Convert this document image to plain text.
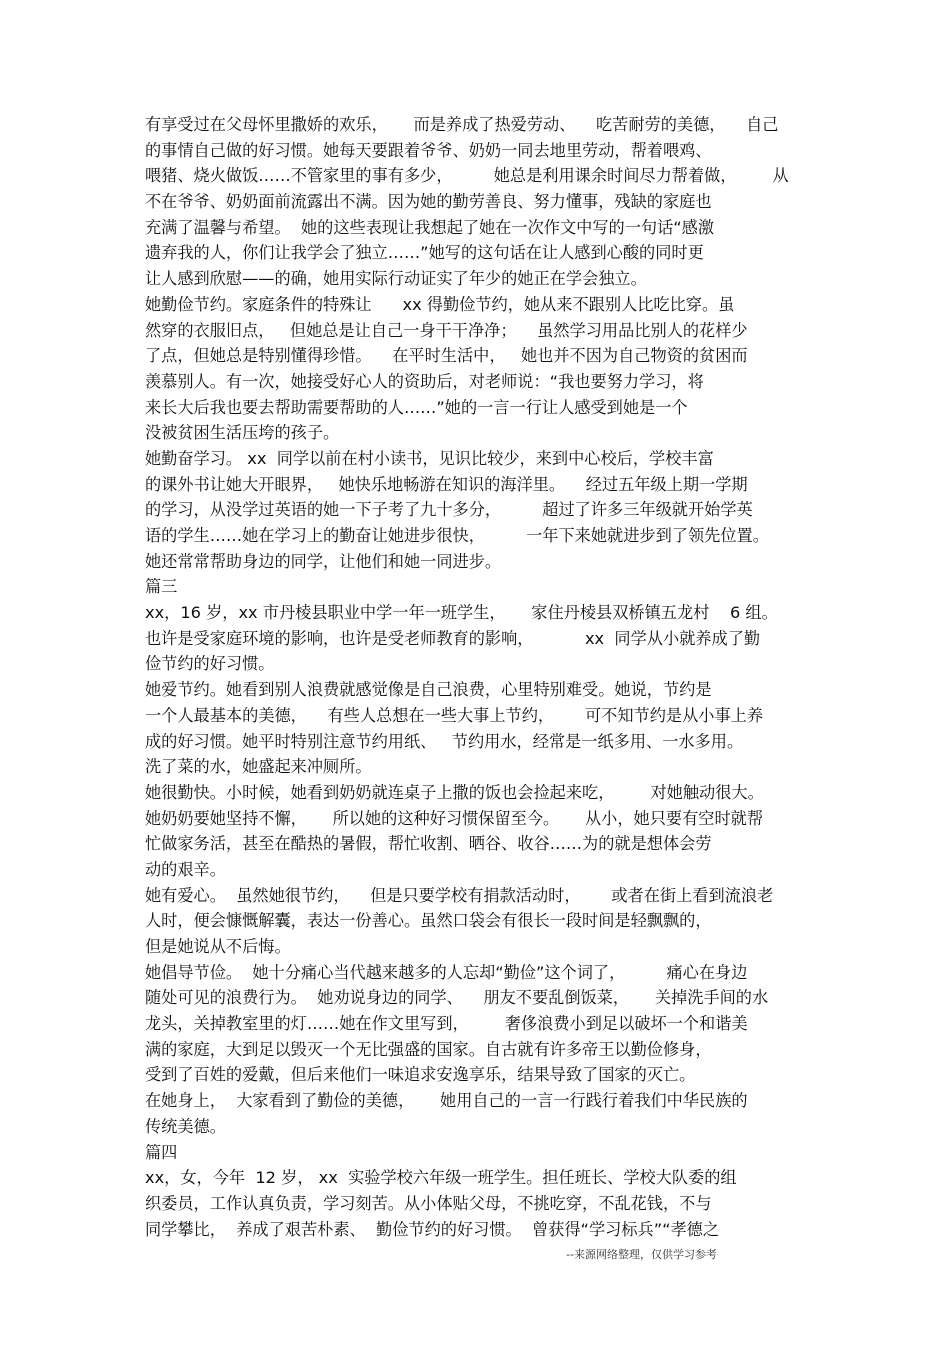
有享受过在父母怀里撒娇的欢乐，     而是养成了热爱劳动、    吃苦耐劳的美德，    自己
的事情自己做的好习惯。她每天要跟着爷爷、奶奶一同去地里劳动，帮着喂鸡、
喂猪、烧火做饭……不管家里的事有多少，        她总是利用课余时间尽力帮着做，       从
不在爷爷、奶奶面前流露出不满。因为她的勤劳善良、努力懂事，残缺的家庭也
充满了温馨与希望。  她的这些表现让我想起了她在一次作文中写的一句话“感激
遗弃我的人，你们让我学会了独立……”她写的这句话在让人感到心酸的同时更
让人感到欣慰——的确，她用实际行动证实了年少的她正在学会独立。
她勤俭节约。家庭条件的特殊让      xx 得勤俭节约，她从来不跟别人比吃比穿。虽
然穿的衣服旧点，   但她总是让自己一身干干净净；    虽然学习用品比别人的花样少
了点，但她总是特别懂得珍惜。    在平时生活中，   她也并不因为自己物资的贫困而
羡慕别人。有一次，她接受好心人的资助后，对老师说：“我也要努力学习，将
来长大后我也要去帮助需要帮助的人……”她的一言一行让人感受到她是一个
没被贫困生活压垮的孩子。
她勤奋学习。 xx  同学以前在村小读书，见识比较少，来到中心校后，学校丰富
的课外书让她大开眼界，   她快乐地畅游在知识的海洋里。    经过五年级上期一学期
的学习，从没学过英语的她一下子考了九十多分，        超过了许多三年级就开始学英
语的学生……她在学习上的勤奋让她进步很快，        一年下来她就进步到了领先位置。
她还常常帮助身边的同学，让他们和她一同进步。
篇三
xx，16 岁，xx 市丹棱县职业中学一年一班学生，     家住丹棱县双桥镇五龙村    6 组。
也许是受家庭环境的影响，也许是受老师教育的影响，          xx  同学从小就养成了勤
俭节约的好习惯。
她爱节约。她看到别人浪费就感觉像是自己浪费，心里特别难受。她说，节约是
一个人最基本的美德，    有些人总想在一些大事上节约，      可不知节约是从小事上养
成的好习惯。她平时特别注意节约用纸、   节约用水，经常是一纸多用、一水多用。
洗了菜的水，她盛起来冲厕所。
她很勤快。小时候，她看到奶奶就连桌子上撒的饭也会捡起来吃，       对她触动很大。
她奶奶要她坚持不懈，     所以她的这种好习惯保留至今。     从小，她只要有空时就帮
忙做家务活，甚至在酷热的暑假，帮忙收割、晒谷、收谷……为的就是想体会劳
动的艰辛。
她有爱心。  虽然她很节约，    但是只要学校有捐款活动时，      或者在街上看到流浪老
人时，便会慷慨解囊，表达一份善心。虽然口袋会有很长一段时间是轻飘飘的，
但是她说从不后悔。
她倡导节俭。  她十分痛心当代越来越多的人忘却“勤俭”这个词了，        痛心在身边
随处可见的浪费行为。  她劝说身边的同学、    朋友不要乱倒饭菜，     关掉洗手间的水
龙头，关掉教室里的灯……她在作文里写到，       奢侈浪费小到足以破坏一个和谐美
满的家庭，大到足以毁灭一个无比强盛的国家。自古就有许多帝王以勤俭修身，
受到了百姓的爱戴，但后来他们一味追求安逸享乐，结果导致了国家的灭亡。
在她身上，  大家看到了勤俭的美德，     她用自己的一言一行践行着我们中华民族的
传统美德。
篇四
xx，女，今年  12 岁， xx  实验学校六年级一班学生。担任班长、学校大队委的组
织委员，工作认真负责，学习刻苦。从小体贴父母，不挑吃穿，不乱花钱，不与
同学攀比，  养成了艰苦朴素、  勤俭节约的好习惯。  曾获得“学习标兵”“孝德之
--来源网络整理，仅供学习参考
